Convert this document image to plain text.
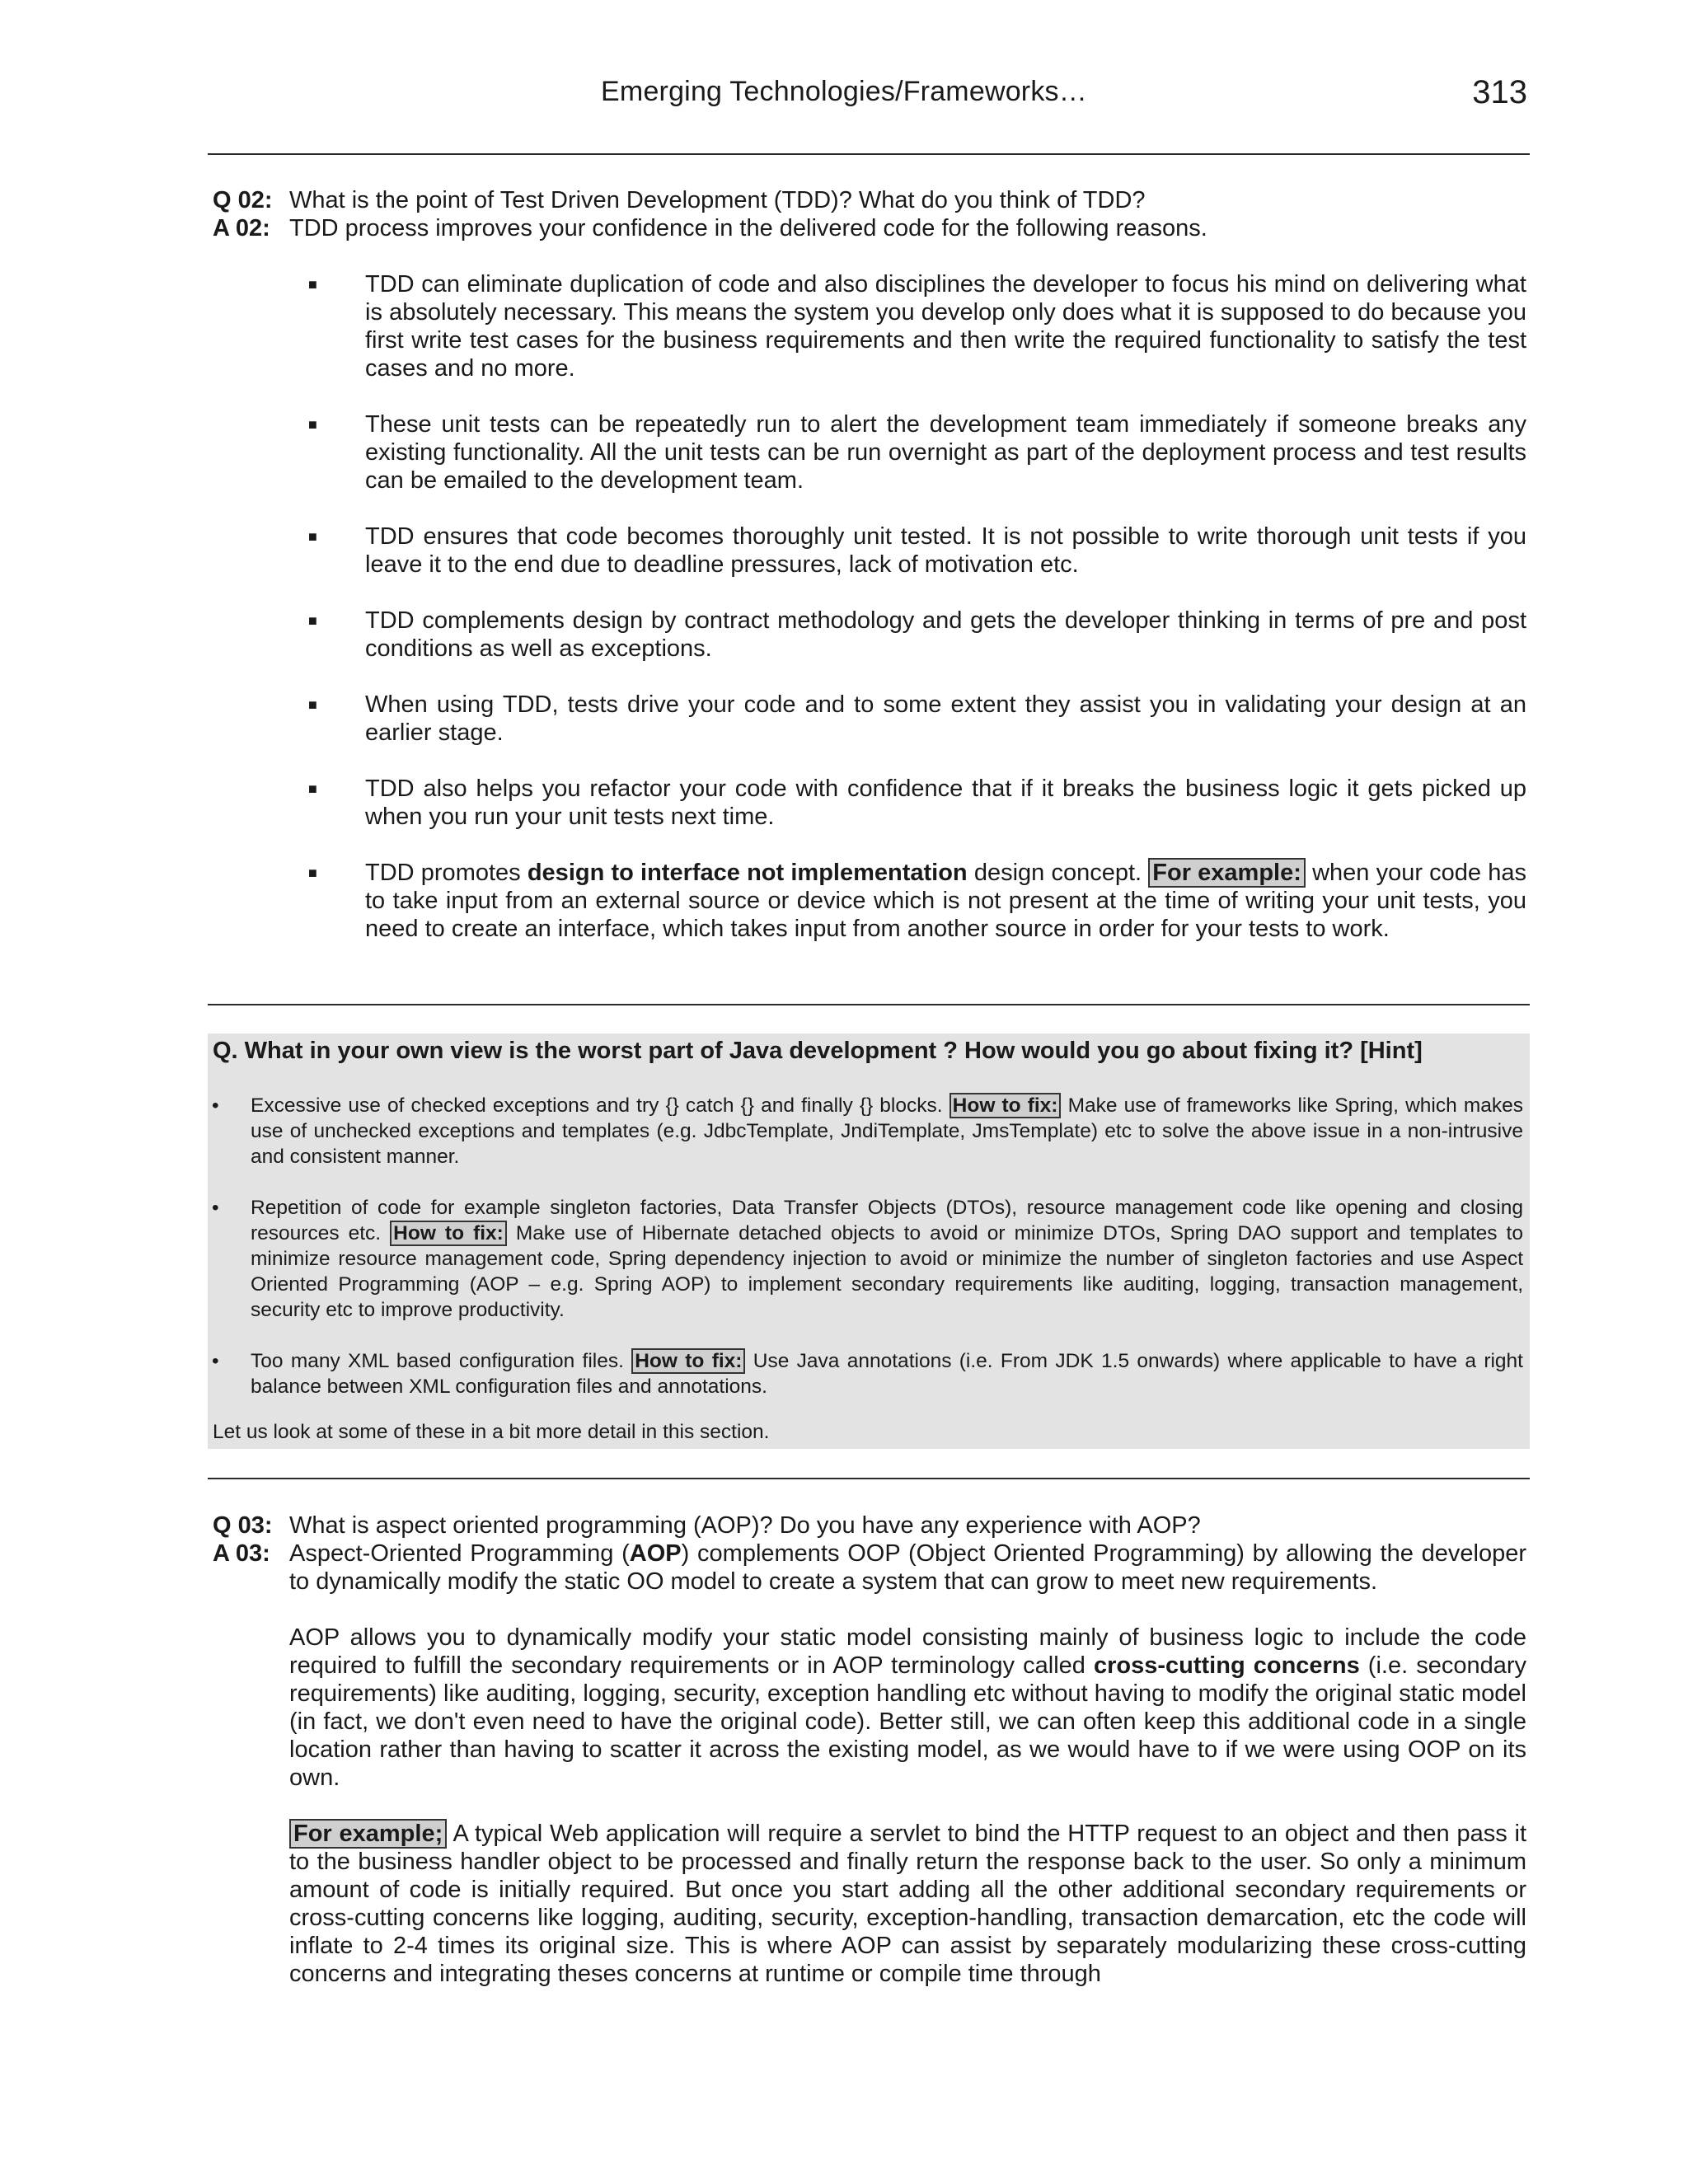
Emerging Technologies/Frameworks…	313
Q 02: What is the point of Test Driven Development (TDD)? What do you think of TDD?
A 02: TDD process improves your confidence in the delivered code for the following reasons.
■ TDD can eliminate duplication of code and also disciplines the developer to focus his mind on delivering what is absolutely necessary. This means the system you develop only does what it is supposed to do because you first write test cases for the business requirements and then write the required functionality to satisfy the test cases and no more.
■ These unit tests can be repeatedly run to alert the development team immediately if someone breaks any existing functionality. All the unit tests can be run overnight as part of the deployment process and test results can be emailed to the development team.
■ TDD ensures that code becomes thoroughly unit tested. It is not possible to write thorough unit tests if you leave it to the end due to deadline pressures, lack of motivation etc.
■ TDD complements design by contract methodology and gets the developer thinking in terms of pre and post conditions as well as exceptions.
■ When using TDD, tests drive your code and to some extent they assist you in validating your design at an earlier stage.
■ TDD also helps you refactor your code with confidence that if it breaks the business logic it gets picked up when you run your unit tests next time.
■ TDD promotes design to interface not implementation design concept. For example: when your code has to take input from an external source or device which is not present at the time of writing your unit tests, you need to create an interface, which takes input from another source in order for your tests to work.
Q. What in your own view is the worst part of Java development ? How would you go about fixing it? [Hint]
• Excessive use of checked exceptions and try {} catch {} and finally {} blocks. How to fix: Make use of frameworks like Spring, which makes use of unchecked exceptions and templates (e.g. JdbcTemplate, JndiTemplate, JmsTemplate) etc to solve the above issue in a non-intrusive and consistent manner.
• Repetition of code for example singleton factories, Data Transfer Objects (DTOs), resource management code like opening and closing resources etc. How to fix: Make use of Hibernate detached objects to avoid or minimize DTOs, Spring DAO support and templates to minimize resource management code, Spring dependency injection to avoid or minimize the number of singleton factories and use Aspect Oriented Programming (AOP – e.g. Spring AOP) to implement secondary requirements like auditing, logging, transaction management, security etc to improve productivity.
• Too many XML based configuration files. How to fix: Use Java annotations (i.e. From JDK 1.5 onwards) where applicable to have a right balance between XML configuration files and annotations.
Let us look at some of these in a bit more detail in this section.
Q 03: What is aspect oriented programming (AOP)? Do you have any experience with AOP?
A 03: Aspect-Oriented Programming (AOP) complements OOP (Object Oriented Programming) by allowing the developer to dynamically modify the static OO model to create a system that can grow to meet new requirements.
AOP allows you to dynamically modify your static model consisting mainly of business logic to include the code required to fulfill the secondary requirements or in AOP terminology called cross-cutting concerns (i.e. secondary requirements) like auditing, logging, security, exception handling etc without having to modify the original static model (in fact, we don't even need to have the original code). Better still, we can often keep this additional code in a single location rather than having to scatter it across the existing model, as we would have to if we were using OOP on its own.
For example; A typical Web application will require a servlet to bind the HTTP request to an object and then pass it to the business handler object to be processed and finally return the response back to the user. So only a minimum amount of code is initially required. But once you start adding all the other additional secondary requirements or cross-cutting concerns like logging, auditing, security, exception-handling, transaction demarcation, etc the code will inflate to 2-4 times its original size. This is where AOP can assist by separately modularizing these cross-cutting concerns and integrating theses concerns at runtime or compile time through
